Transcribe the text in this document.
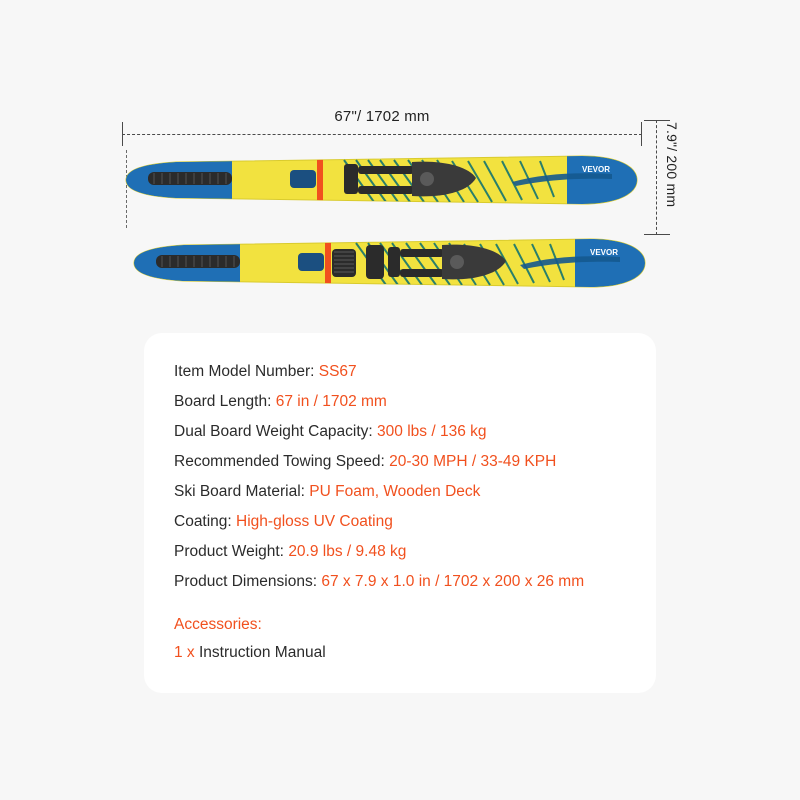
67"/ 1702 mm
7.9"/ 200 mm
VEVOR
VEVOR
Item Model Number: SS67
Board Length: 67 in / 1702 mm
Dual Board Weight Capacity: 300 lbs / 136 kg
Recommended Towing Speed: 20-30 MPH / 33-49 KPH
Ski Board Material: PU Foam, Wooden Deck
Coating: High-gloss UV Coating
Product Weight: 20.9 lbs / 9.48 kg
Product Dimensions: 67 x 7.9 x 1.0 in / 1702 x 200 x 26 mm
Accessories:
1 x Instruction Manual
